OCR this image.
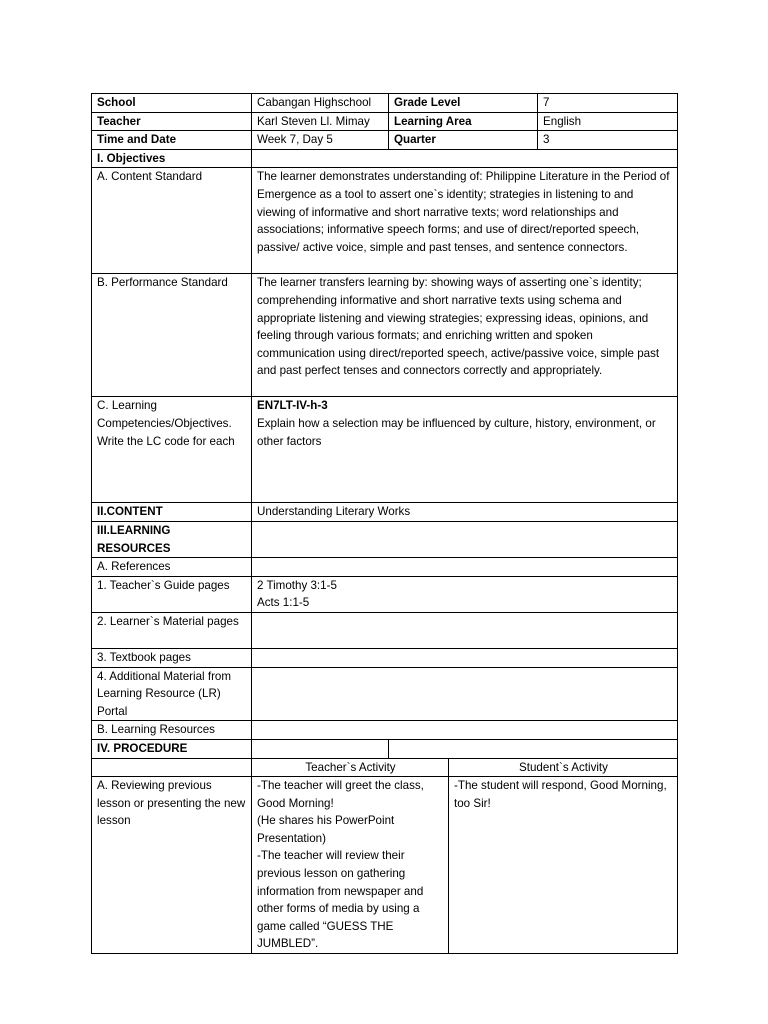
School	Cabangan Highschool	Grade Level		7
Teacher	Karl Steven Ll. Mimay	Learning Area		English
Time and Date	Week 7, Day 5	Quarter		3
I. Objectives				
A. Content Standard	The learner demonstrates understanding of: Philippine Literature in the Period of Emergence as a tool to assert one`s identity; strategies in listening to and viewing of informative and short narrative texts; word relationships and associations; informative speech forms; and use of direct/reported speech, passive/ active voice, simple and past tenses, and sentence connectors.			
B. Performance Standard	The learner transfers learning by: showing ways of asserting one`s identity; comprehending informative and short narrative texts using schema and appropriate listening and viewing strategies; expressing ideas, opinions, and feeling through various formats; and enriching written and spoken communication using direct/reported speech, active/passive voice, simple past and past perfect tenses and connectors correctly and appropriately.			
C. Learning Competencies/Objectives. Write the LC code for each	EN7LT-IV-h-3
Explain how a selection may be influenced by culture, history, environment, or other factors			

II.CONTENT	Understanding Literary Works			
III.LEARNING RESOURCES				
A. References				
1. Teacher`s Guide pages	2 Timothy 3:1-5
Acts 1:1-5			

2. Learner`s Material pages				
3. Textbook pages				
4. Additional Material from Learning Resource (LR) Portal				
B. Learning Resources				
IV. PROCEDURE				
	Teacher`s Activity		Student`s Activity	
A. Reviewing previous lesson or presenting the new lesson	-The teacher will greet the class, Good Morning!
(He shares his PowerPoint Presentation)
-The teacher will review their previous lesson on gathering information from newspaper and other forms of media by using a game called “GUESS THE JUMBLED”.		-The student will respond, Good Morning, too Sir!	
